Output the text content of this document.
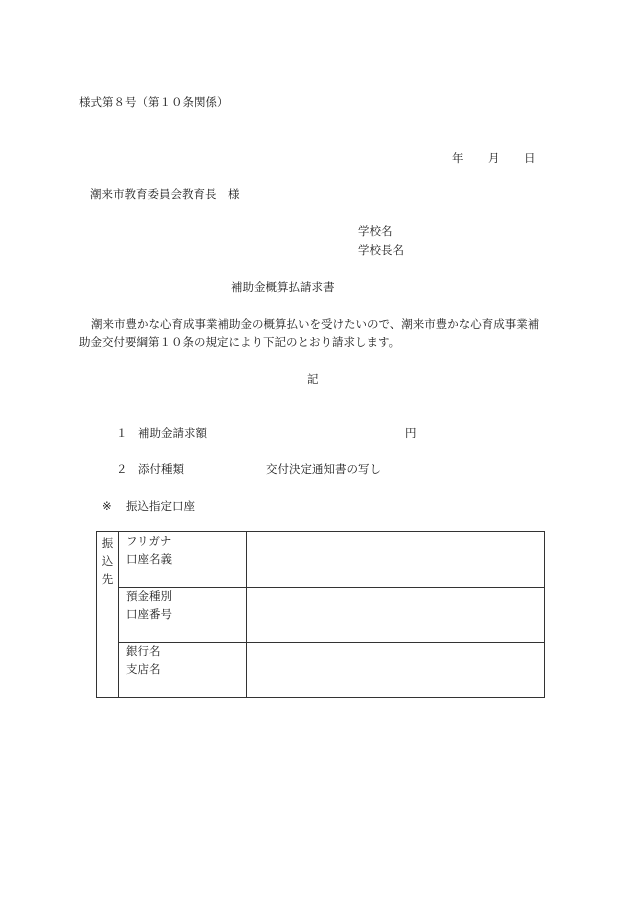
様式第８号（第１０条関係）
年 月 日
潮来市教育委員会教育長　様
学校名
学校長名
補助金概算払請求書
潮来市豊かな心育成事業補助金の概算払いを受けたいので、潮来市豊かな心育成事業補
助金交付要綱第１０条の規定により下記のとおり請求します。
記
１ 補助金請求額	円
２ 添付種類	交付決定通知書の写し
※ 振込指定口座
振
込
先
フリガナ
口座名義
預金種別
口座番号
銀行名
支店名
